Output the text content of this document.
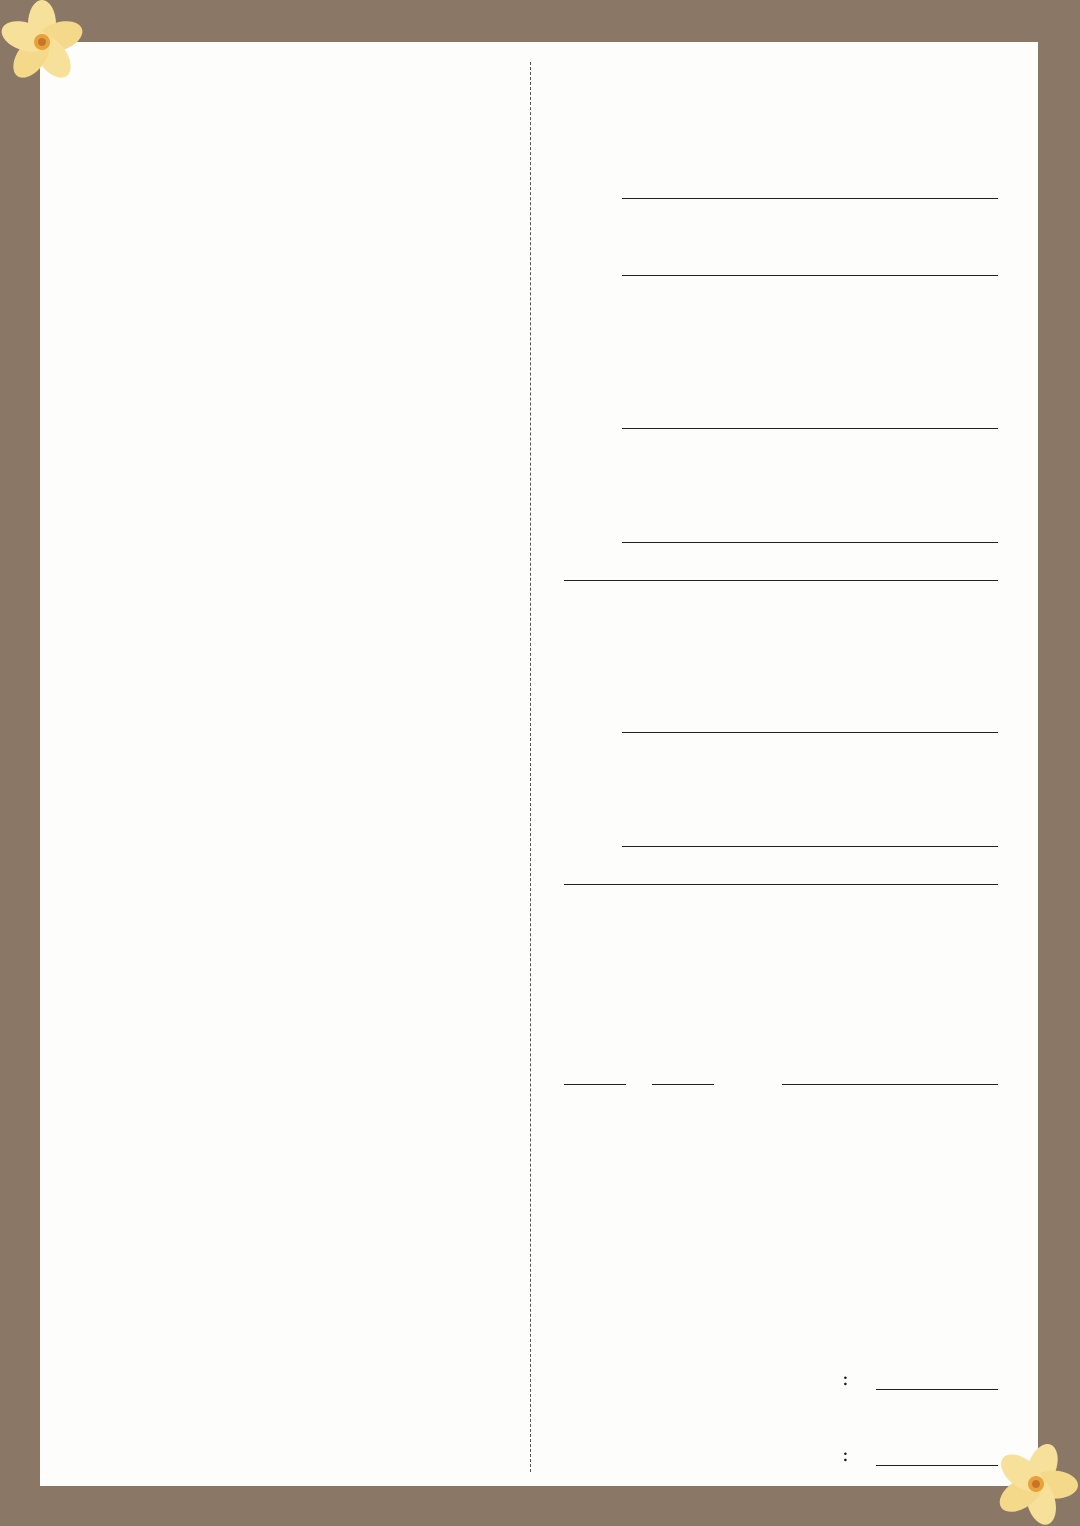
:
:
